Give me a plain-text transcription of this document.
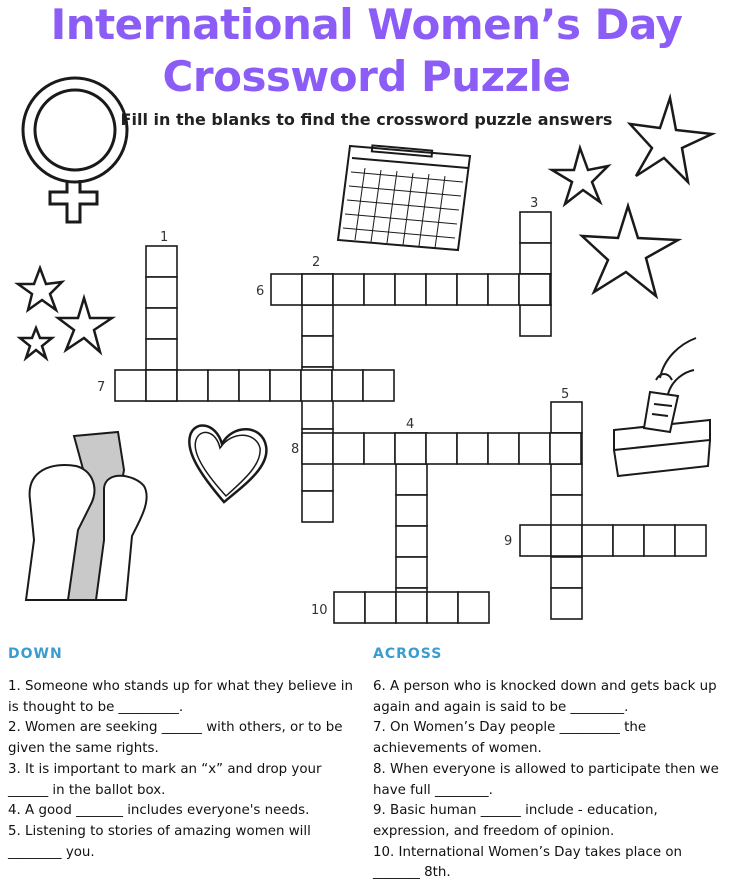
International Women’s Day
Crossword Puzzle
Fill in the blanks to find the crossword puzzle answers
1
2
3
4
5
6
7
8
9
10
DOWN	ACROSS

1. Someone who stands up for what they believe in is thought to be _________.

2. Women are seeking ______ with others, or to be given the same rights.

3. It is important to mark an “x” and drop your ______ in the ballot box.

4. A good _______ includes everyone's needs.

5. Listening to stories of amazing women will ________ you.

6. A person who is knocked down and gets back up again and again is said to be ________.

7. On Women’s Day people _________ the achievements of women.

8. When everyone is allowed to participate then we have full ________.

9. Basic human ______ include - education, expression, and freedom of opinion.

10. International Women’s Day takes place on _______ 8th.
